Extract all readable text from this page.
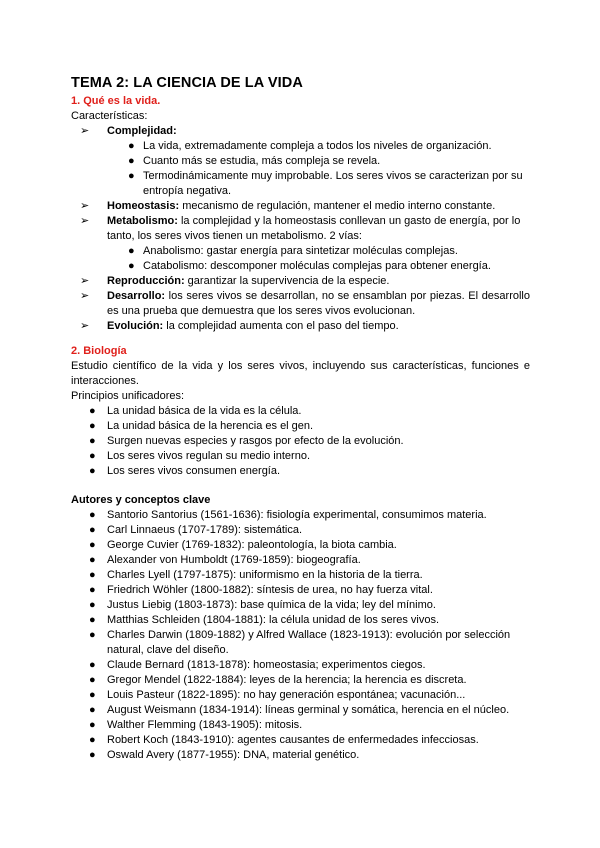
TEMA 2: LA CIENCIA DE LA VIDA
1. Qué es la vida.

Características:

➢ Complejidad:
● La vida, extremadamente compleja a todos los niveles de organización.
● Cuanto más se estudia, más compleja se revela.
● Termodinámicamente muy improbable. Los seres vivos se caracterizan por su entropía negativa.
➢ Homeostasis: mecanismo de regulación, mantener el medio interno constante.
➢ Metabolismo: la complejidad y la homeostasis conllevan un gasto de energía, por lo tanto, los seres vivos tienen un metabolismo. 2 vías:
● Anabolismo: gastar energía para sintetizar moléculas complejas.
● Catabolismo: descomponer moléculas complejas para obtener energía.
➢ Reproducción: garantizar la supervivencia de la especie.
➢ Desarrollo: los seres vivos se desarrollan, no se ensamblan por piezas. El desarrollo es una prueba que demuestra que los seres vivos evolucionan.
➢ Evolución: la complejidad aumenta con el paso del tiempo.
2. Biología

Estudio científico de la vida y los seres vivos, incluyendo sus características, funciones e interacciones.

Principios unificadores:

● La unidad básica de la vida es la célula.
● La unidad básica de la herencia es el gen.
● Surgen nuevas especies y rasgos por efecto de la evolución.
● Los seres vivos regulan su medio interno.
● Los seres vivos consumen energía.
Autores y conceptos clave
● Santorio Santorius (1561-1636): fisiología experimental, consumimos materia.
● Carl Linnaeus (1707-1789): sistemática.
● George Cuvier (1769-1832): paleontología, la biota cambia.
● Alexander von Humboldt (1769-1859): biogeografía.
● Charles Lyell (1797-1875): uniformismo en la historia de la tierra.
● Friedrich Wöhler (1800-1882): síntesis de urea, no hay fuerza vital.
● Justus Liebig (1803-1873): base química de la vida; ley del mínimo.
● Matthias Schleiden (1804-1881): la célula unidad de los seres vivos.
● Charles Darwin (1809-1882) y Alfred Wallace (1823-1913): evolución por selección natural, clave del diseño.
● Claude Bernard (1813-1878): homeostasia; experimentos ciegos.
● Gregor Mendel (1822-1884): leyes de la herencia; la herencia es discreta.
● Louis Pasteur (1822-1895): no hay generación espontánea; vacunación...
● August Weismann (1834-1914): líneas germinal y somática, herencia en el núcleo.
● Walther Flemming (1843-1905): mitosis.
● Robert Koch (1843-1910): agentes causantes de enfermedades infecciosas.
● Oswald Avery (1877-1955): DNA, material genético.
